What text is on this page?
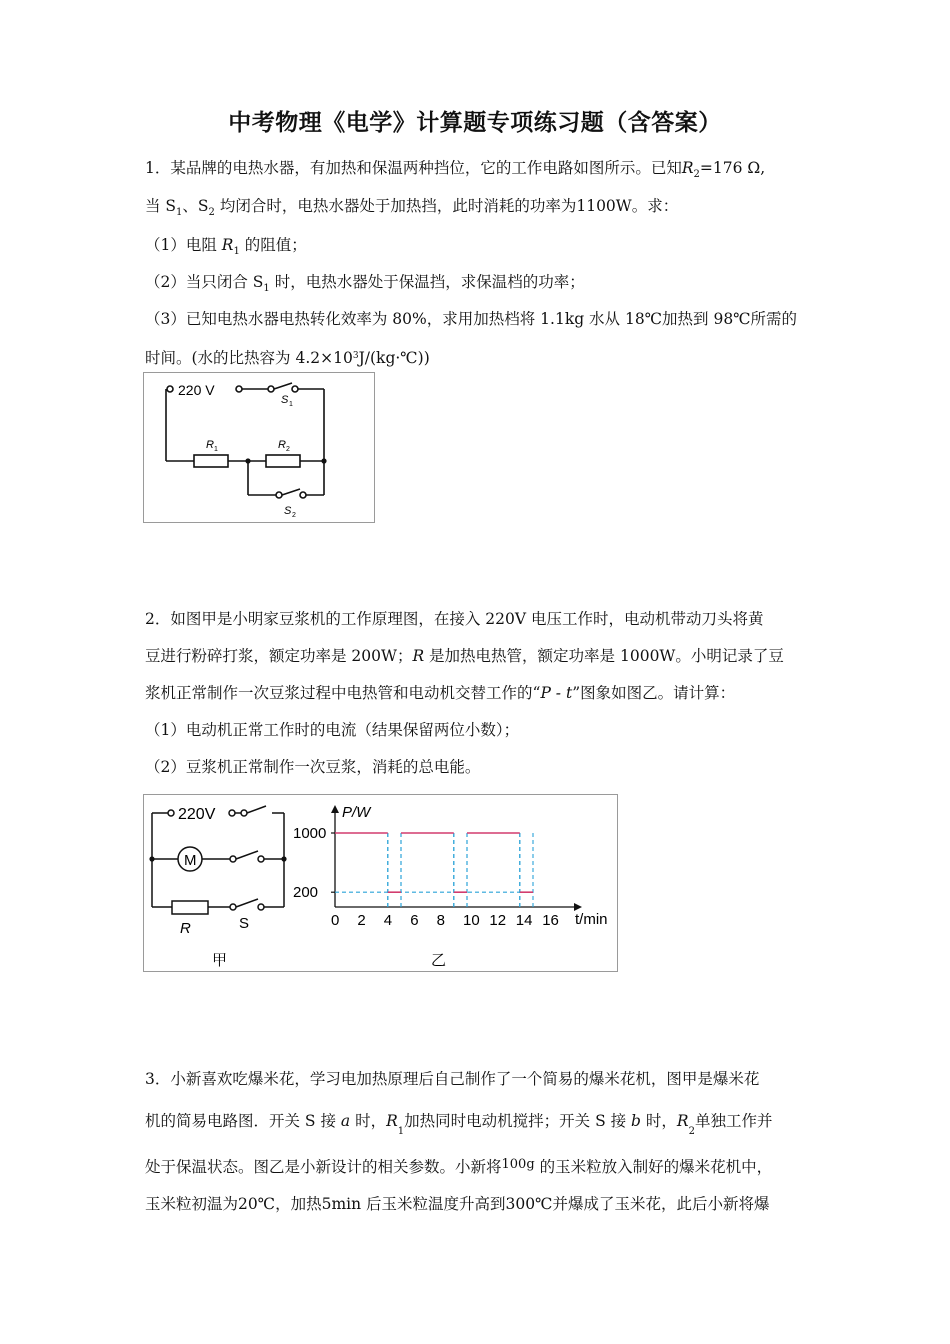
中考物理《电学》计算题专项练习题（含答案）
1．某品牌的电热水器，有加热和保温两种挡位，它的工作电路如图所示。已知$R_2=176$ Ω,
当 $S_1$、$S_2$ 均闭合时，电热水器处于加热挡，此时消耗的功率为1100W。求：
（1）电阻 $R_1$ 的阻值；
（2）当只闭合 $S_1$ 时，电热水器处于保温挡，求保温档的功率；
（3）已知电热水器电热转化效率为 80%，求用加热档将 1.1kg 水从 18℃加热到 98℃所需的
时间。(水的比热容为 $4.2\times 10^3J/(kg\cdot℃)$)
220 V
S 1
R 1	R 2
S 2
2．如图甲是小明家豆浆机的工作原理图，在接入 220V 电压工作时，电动机带动刀头将黄
豆进行粉碎打浆，额定功率是 200W；R 是加热电热管，额定功率是 1000W。小明记录了豆
浆机正常制作一次豆浆过程中电热管和电动机交替工作的“P - t”图象如图乙。请计算：
（1）电动机正常工作时的电流（结果保留两位小数）；
（2）豆浆机正常制作一次豆浆，消耗的总电能。
220V
M
R	S
甲	乙
P/W
t/min
0 2 4 6 8 10 12 14 16
200
1000
3．小新喜欢吃爆米花，学习电加热原理后自己制作了一个简易的爆米花机，图甲是爆米花
机的简易电路图．开关 S 接 a 时，$R_1$加热同时电动机搅拌；开关 S 接 b 时，$R_2$单独工作并
处于保温状态。图乙是小新设计的相关参数。小新将$^{100g}$ 的玉米粒放入制好的爆米花机中，
玉米粒初温为20℃，加热5min 后玉米粒温度升高到300℃并爆成了玉米花，此后小新将爆
